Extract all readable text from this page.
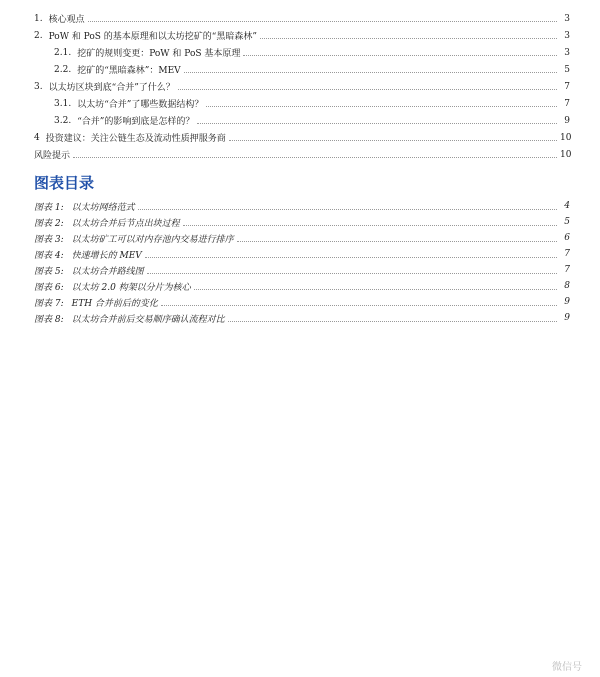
1. 核心观点	3
2. PoW 和 PoS 的基本原理和以太坊挖矿的“黑暗森林”	3
2.1. 挖矿的规则变更：PoW 和 PoS 基本原理	3
2.2. 挖矿的“黑暗森林”：MEV	5
3. 以太坊区块到底“合并”了什么？	7
3.1. 以太坊“合并”了哪些数据结构？	7
3.2. “合并”的影响到底是怎样的？	9
4 投资建议：关注公链生态及流动性质押服务商	10
风险提示	10
图表目录
图表 1: 以太坊网络范式	4
图表 2: 以太坊合并后节点出块过程	5
图表 3: 以太坊矿工可以对内存池内交易进行排序	6
图表 4: 快速增长的 MEV	7
图表 5: 以太坊合并路线图	7
图表 6: 以太坊 2.0 构架以分片为核心	8
图表 7: ETH 合并前后的变化	9
图表 8: 以太坊合并前后交易顺序确认流程对比	9
微信号
